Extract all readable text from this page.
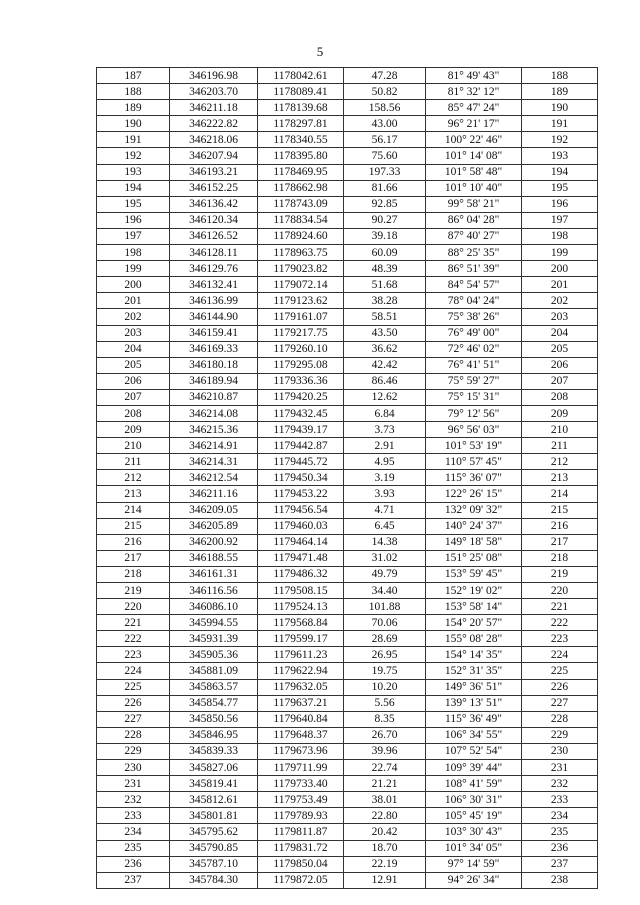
5
187	346196.98	1178042.61	47.28	81° 49' 43"	188
188	346203.70	1178089.41	50.82	81° 32' 12"	189
189	346211.18	1178139.68	158.56	85° 47' 24"	190
190	346222.82	1178297.81	43.00	96° 21' 17"	191
191	346218.06	1178340.55	56.17	100° 22' 46"	192
192	346207.94	1178395.80	75.60	101° 14' 08"	193
193	346193.21	1178469.95	197.33	101° 58' 48"	194
194	346152.25	1178662.98	81.66	101° 10' 40"	195
195	346136.42	1178743.09	92.85	99° 58' 21"	196
196	346120.34	1178834.54	90.27	86° 04' 28"	197
197	346126.52	1178924.60	39.18	87° 40' 27"	198
198	346128.11	1178963.75	60.09	88° 25' 35"	199
199	346129.76	1179023.82	48.39	86° 51' 39"	200
200	346132.41	1179072.14	51.68	84° 54' 57"	201
201	346136.99	1179123.62	38.28	78° 04' 24"	202
202	346144.90	1179161.07	58.51	75° 38' 26"	203
203	346159.41	1179217.75	43.50	76° 49' 00"	204
204	346169.33	1179260.10	36.62	72° 46' 02"	205
205	346180.18	1179295.08	42.42	76° 41' 51"	206
206	346189.94	1179336.36	86.46	75° 59' 27"	207
207	346210.87	1179420.25	12.62	75° 15' 31"	208
208	346214.08	1179432.45	6.84	79° 12' 56"	209
209	346215.36	1179439.17	3.73	96° 56' 03"	210
210	346214.91	1179442.87	2.91	101° 53' 19"	211
211	346214.31	1179445.72	4.95	110° 57' 45"	212
212	346212.54	1179450.34	3.19	115° 36' 07"	213
213	346211.16	1179453.22	3.93	122° 26' 15"	214
214	346209.05	1179456.54	4.71	132° 09' 32"	215
215	346205.89	1179460.03	6.45	140° 24' 37"	216
216	346200.92	1179464.14	14.38	149° 18' 58"	217
217	346188.55	1179471.48	31.02	151° 25' 08"	218
218	346161.31	1179486.32	49.79	153° 59' 45"	219
219	346116.56	1179508.15	34.40	152° 19' 02"	220
220	346086.10	1179524.13	101.88	153° 58' 14"	221
221	345994.55	1179568.84	70.06	154° 20' 57"	222
222	345931.39	1179599.17	28.69	155° 08' 28"	223
223	345905.36	1179611.23	26.95	154° 14' 35"	224
224	345881.09	1179622.94	19.75	152° 31' 35"	225
225	345863.57	1179632.05	10.20	149° 36' 51"	226
226	345854.77	1179637.21	5.56	139° 13' 51"	227
227	345850.56	1179640.84	8.35	115° 36' 49"	228
228	345846.95	1179648.37	26.70	106° 34' 55"	229
229	345839.33	1179673.96	39.96	107° 52' 54"	230
230	345827.06	1179711.99	22.74	109° 39' 44"	231
231	345819.41	1179733.40	21.21	108° 41' 59"	232
232	345812.61	1179753.49	38.01	106° 30' 31"	233
233	345801.81	1179789.93	22.80	105° 45' 19"	234
234	345795.62	1179811.87	20.42	103° 30' 43"	235
235	345790.85	1179831.72	18.70	101° 34' 05"	236
236	345787.10	1179850.04	22.19	97° 14' 59"	237
237	345784.30	1179872.05	12.91	94° 26' 34"	238
